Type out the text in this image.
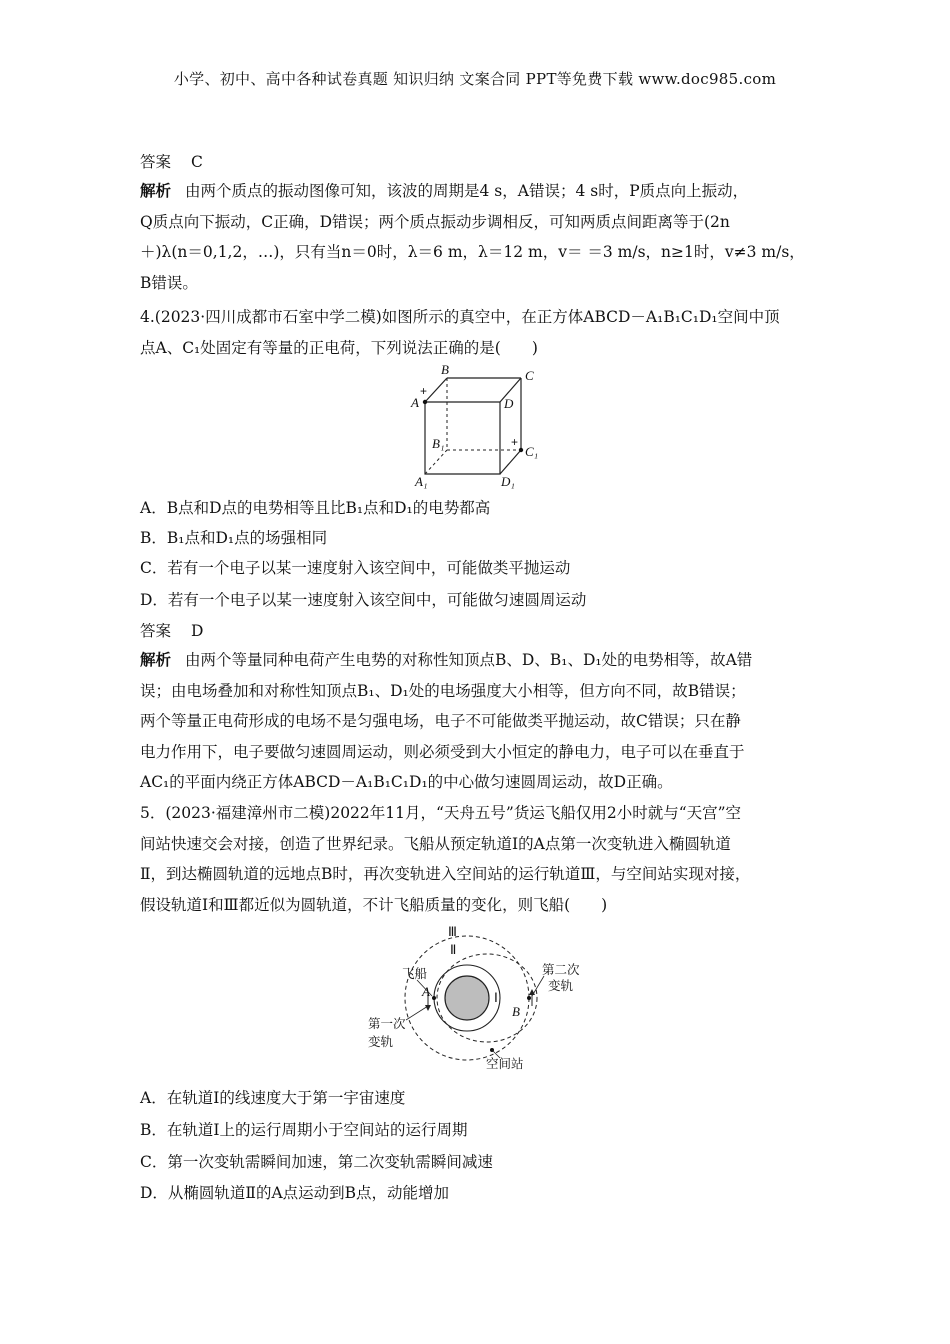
小学、初中、高中各种试卷真题 知识归纳 文案合同 PPT等免费下载 www.doc985.com
答案 C
解析 由两个质点的振动图像可知，该波的周期是4 s，A错误；4 s时，P质点向上振动，
Q质点向下振动，C正确，D错误；两个质点振动步调相反，可知两质点间距离等于(2n
＋)λ(n＝0,1,2，…)，只有当n＝0时，λ＝6 m，λ＝12 m，v＝ ＝3 m/s，n≥1时，v≠3 m/s，
B错误。
4.(2023·四川成都市石室中学二模)如图所示的真空中，在正方体ABCD－A₁B₁C₁D₁空间中顶
点A、C₁处固定有等量的正电荷，下列说法正确的是(　　)
B	C
A	D
B₁
C₁
A₁	D₁
+
+
A．B点和D点的电势相等且比B₁点和D₁的电势都高
B．B₁点和D₁点的场强相同
C．若有一个电子以某一速度射入该空间中，可能做类平抛运动
D．若有一个电子以某一速度射入该空间中，可能做匀速圆周运动
答案 D
解析 由两个等量同种电荷产生电势的对称性知顶点B、D、B₁、D₁处的电势相等，故A错
误；由电场叠加和对称性知顶点B₁、D₁处的电场强度大小相等，但方向不同，故B错误；
两个等量正电荷形成的电场不是匀强电场，电子不可能做类平抛运动，故C错误；只在静
电力作用下，电子要做匀速圆周运动，则必须受到大小恒定的静电力，电子可以在垂直于
AC₁的平面内绕正方体ABCD－A₁B₁C₁D₁的中心做匀速圆周运动，故D正确。
5．(2023·福建漳州市二模)2022年11月，“天舟五号”货运飞船仅用2小时就与“天宫”空
间站快速交会对接，创造了世界纪录。飞船从预定轨道Ⅰ的A点第一次变轨进入椭圆轨道
Ⅱ，到达椭圆轨道的远地点B时，再次变轨进入空间站的运行轨道Ⅲ，与空间站实现对接，
假设轨道Ⅰ和Ⅲ都近似为圆轨道，不计飞船质量的变化，则飞船(　　)
Ⅲ
Ⅱ
Ⅰ
飞船
A
B
第二次
变轨
第一次
变轨
空间站
A．在轨道Ⅰ的线速度大于第一宇宙速度
B．在轨道Ⅰ上的运行周期小于空间站的运行周期
C．第一次变轨需瞬间加速，第二次变轨需瞬间减速
D．从椭圆轨道Ⅱ的A点运动到B点，动能增加
